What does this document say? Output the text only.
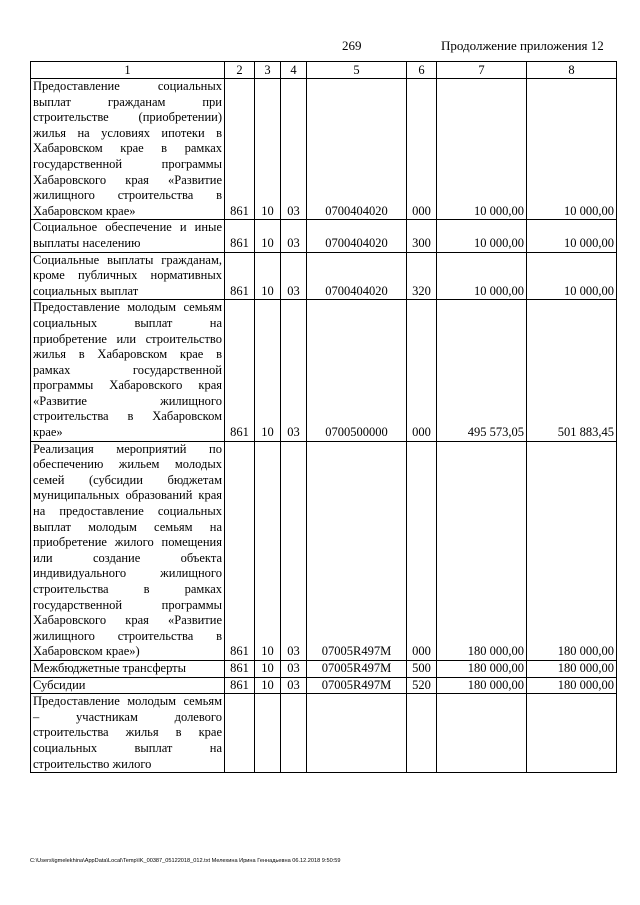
269	Продолжение приложения 12
1	2	3	4	5	6	7	8
Предоставление социальных выплат гражданам при строительстве (приобретении) жилья на условиях ипотеки в Хабаровском крае в рамках государственной программы Хабаровского края «Развитие жилищного строительства в Хабаровском крае»	861	10	03	0700404020	000	10 000,00	10 000,00
Социальное обеспечение и иные выплаты населению	861	10	03	0700404020	300	10 000,00	10 000,00
Социальные выплаты гражданам, кроме публичных нормативных социальных выплат	861	10	03	0700404020	320	10 000,00	10 000,00
Предоставление молодым семьям социальных выплат на приобретение или строительство жилья в Хабаровском крае в рамках государственной программы Хабаровского края «Развитие жилищного строительства в Хабаровском крае»	861	10	03	0700500000	000	495 573,05	501 883,45
Реализация мероприятий по обеспечению жильем молодых семей (субсидии бюджетам муниципальных образований края на предоставление социальных выплат молодым семьям на приобретение жилого помещения или создание объекта индивидуального жилищного строительства в рамках государственной программы Хабаровского края «Развитие жилищного строительства в Хабаровском крае»)	861	10	03	07005R497M	000	180 000,00	180 000,00
Межбюджетные трансферты	861	10	03	07005R497M	500	180 000,00	180 000,00
Субсидии	861	10	03	07005R497M	520	180 000,00	180 000,00
Предоставление молодым семьям – участникам долевого строительства жилья в крае социальных выплат на строительство жилого							
C:\Users\igmelekhina\AppData\Local\Temp\IK_00387_05122018_012.txt Мелехина Ирина Геннадьевна 06.12.2018 9:50:59
